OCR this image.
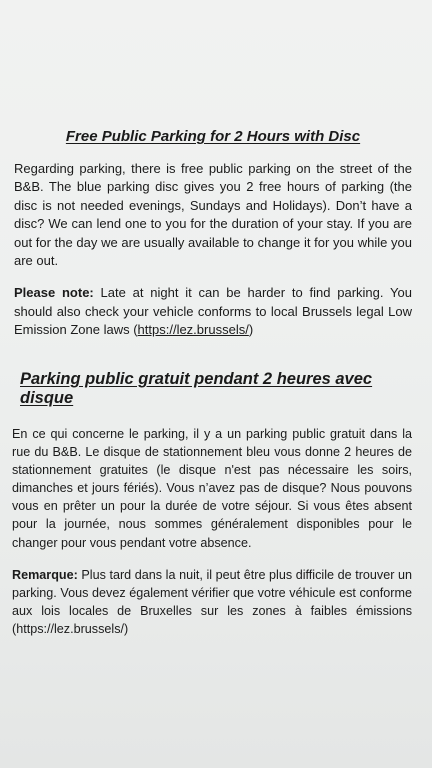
Free Public Parking for 2 Hours with Disc

Regarding parking, there is free public parking on the street of the B&B. The blue parking disc gives you 2 free hours of parking (the disc is not needed evenings, Sundays and Holidays). Don’t have a disc? We can lend one to you for the duration of your stay. If you are out for the day we are usually available to change it for you while you are out.

Please note: Late at night it can be harder to find parking. You should also check your vehicle conforms to local Brussels legal Low Emission Zone laws (https://lez.brussels/)

Parking public gratuit pendant 2 heures avec disque

En ce qui concerne le parking, il y a un parking public gratuit dans la rue du B&B. Le disque de stationnement bleu vous donne 2 heures de stationnement gratuites (le disque n'est pas nécessaire les soirs, dimanches et jours fériés). Vous n’avez pas de disque? Nous pouvons vous en prêter un pour la durée de votre séjour. Si vous êtes absent pour la journée, nous sommes généralement disponibles pour le changer pour vous pendant votre absence.

Remarque: Plus tard dans la nuit, il peut être plus difficile de trouver un parking. Vous devez également vérifier que votre véhicule est conforme aux lois locales de Bruxelles sur les zones à faibles émissions (https://lez.brussels/)
